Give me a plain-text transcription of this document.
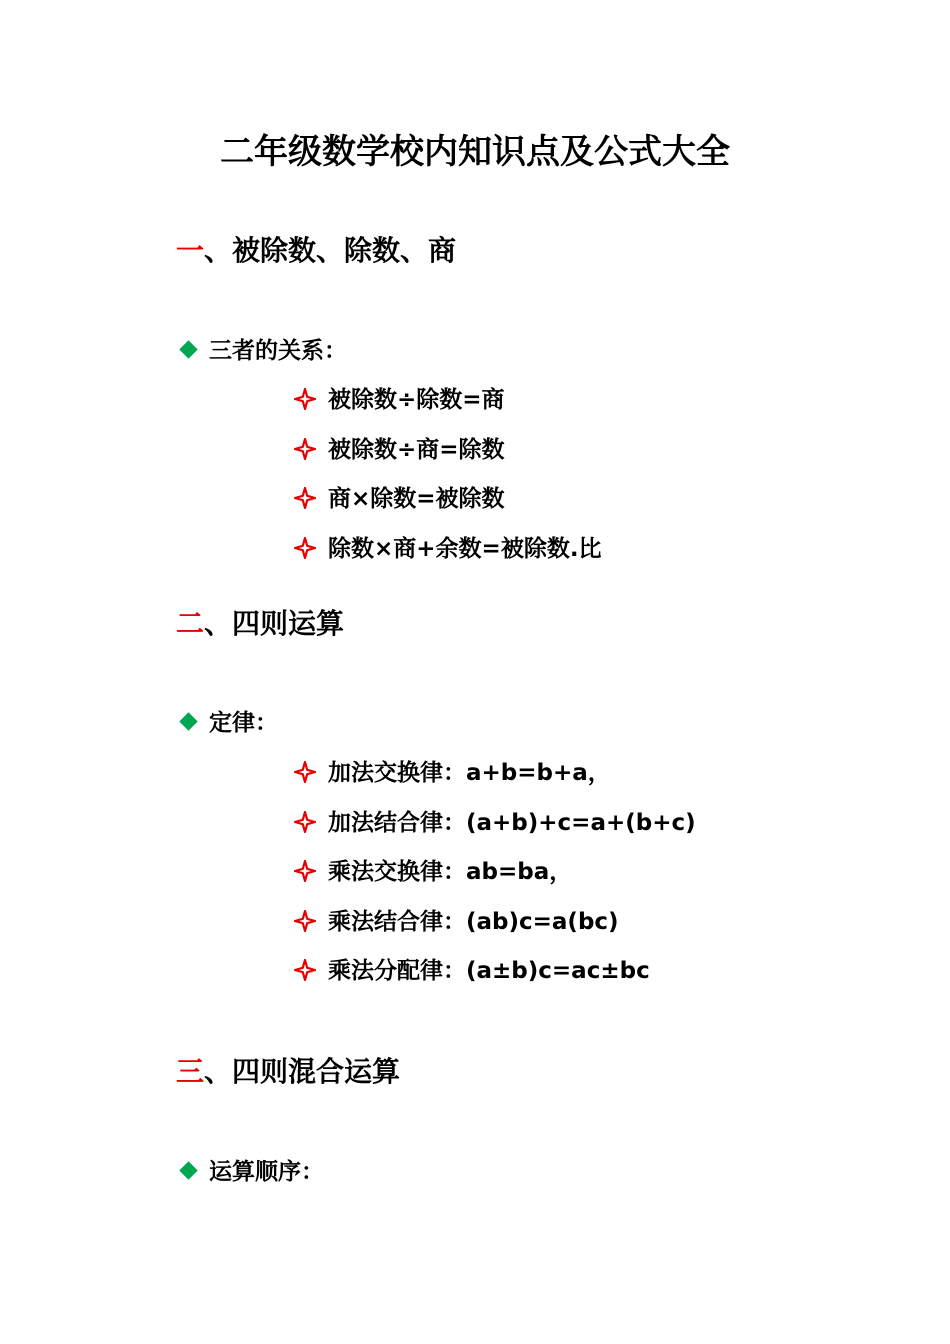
二年级数学校内知识点及公式大全
一、被除数、除数、商
三者的关系：
被除数÷除数=商
被除数÷商=除数
商×除数=被除数
除数×商+余数=被除数.比
二、四则运算
定律：
加法交换律：a+b=b+a，
加法结合律：(a+b)+c=a+(b+c)
乘法交换律：ab=ba，
乘法结合律：(ab)c=a(bc)
乘法分配律：(a±b)c=ac±bc
三、四则混合运算
运算顺序：
